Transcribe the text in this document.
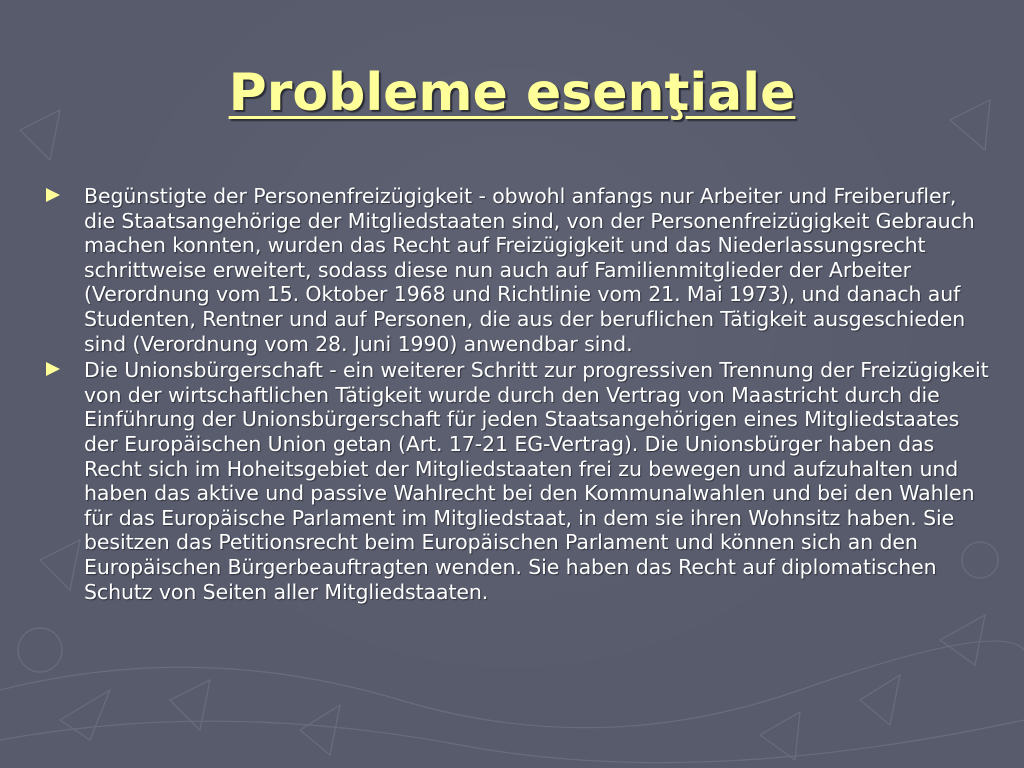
Probleme esenţiale
Begünstigte der Personenfreizügigkeit - obwohl anfangs nur Arbeiter und Freiberufler, die Staatsangehörige der Mitgliedstaaten sind, von der Personenfreizügigkeit Gebrauch machen konnten, wurden das Recht auf Freizügigkeit und das Niederlassungsrecht schrittweise erweitert, sodass diese nun auch auf Familienmitglieder der Arbeiter (Verordnung vom 15. Oktober 1968 und Richtlinie vom 21. Mai 1973), und danach auf Studenten, Rentner und auf Personen, die aus der beruflichen Tätigkeit ausgeschieden sind (Verordnung vom 28. Juni 1990) anwendbar sind.
Die Unionsbürgerschaft - ein weiterer Schritt zur progressiven Trennung der Freizügigkeit von der wirtschaftlichen Tätigkeit wurde durch den Vertrag von Maastricht durch die Einführung der Unionsbürgerschaft für jeden Staatsangehörigen eines Mitgliedstaates der Europäischen Union getan (Art. 17-21 EG-Vertrag). Die Unionsbürger haben das Recht sich im Hoheitsgebiet der Mitgliedstaaten frei zu bewegen und aufzuhalten und haben das aktive und passive Wahlrecht bei den Kommunalwahlen und bei den Wahlen für das Europäische Parlament im Mitgliedstaat, in dem sie ihren Wohnsitz haben. Sie besitzen das Petitionsrecht beim Europäischen Parlament und können sich an den Europäischen Bürgerbeauftragten wenden. Sie haben das Recht auf diplomatischen Schutz von Seiten aller Mitgliedstaaten.
